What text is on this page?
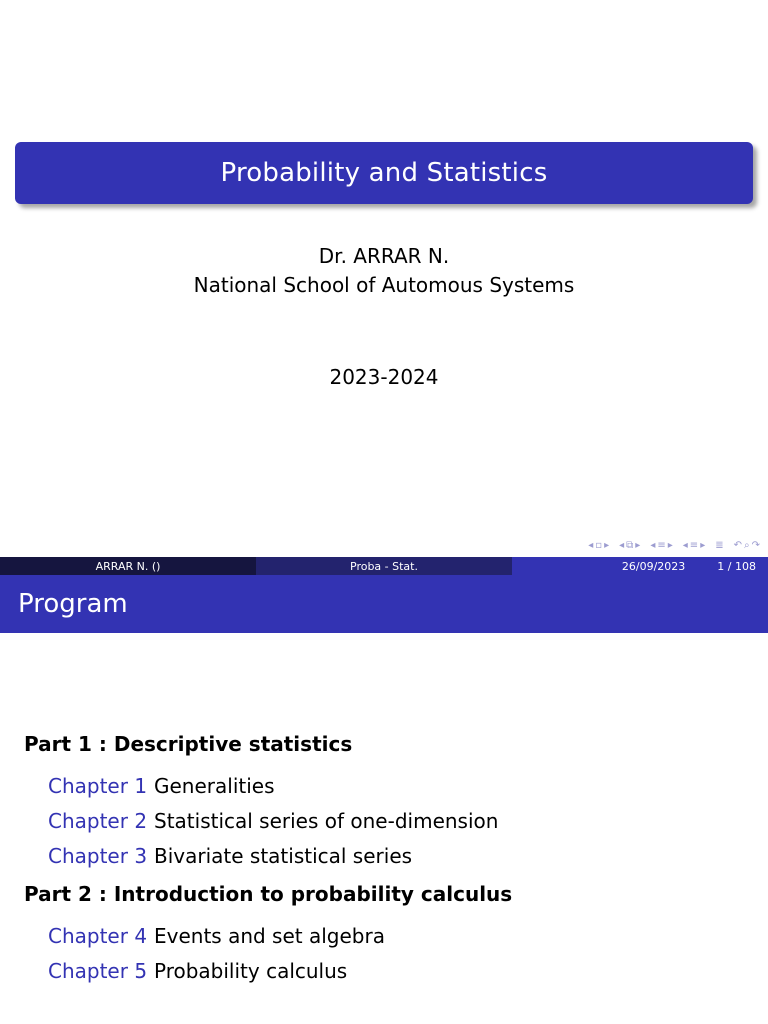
Probability and Statistics
Dr. ARRAR N.
National School of Automous Systems
2023-2024
◂ ▫ ▸ ◂ ⧉ ▸ ◂ ≡ ▸ ◂ ≡ ▸ ≣ ↶ ⌕ ↷
ARRAR N. ()	Proba - Stat.	26/09/2023	1 / 108
Program
Part 1 : Descriptive statistics
Chapter 1 Generalities
Chapter 2 Statistical series of one-dimension
Chapter 3 Bivariate statistical series
Part 2 : Introduction to probability calculus
Chapter 4 Events and set algebra
Chapter 5 Probability calculus
